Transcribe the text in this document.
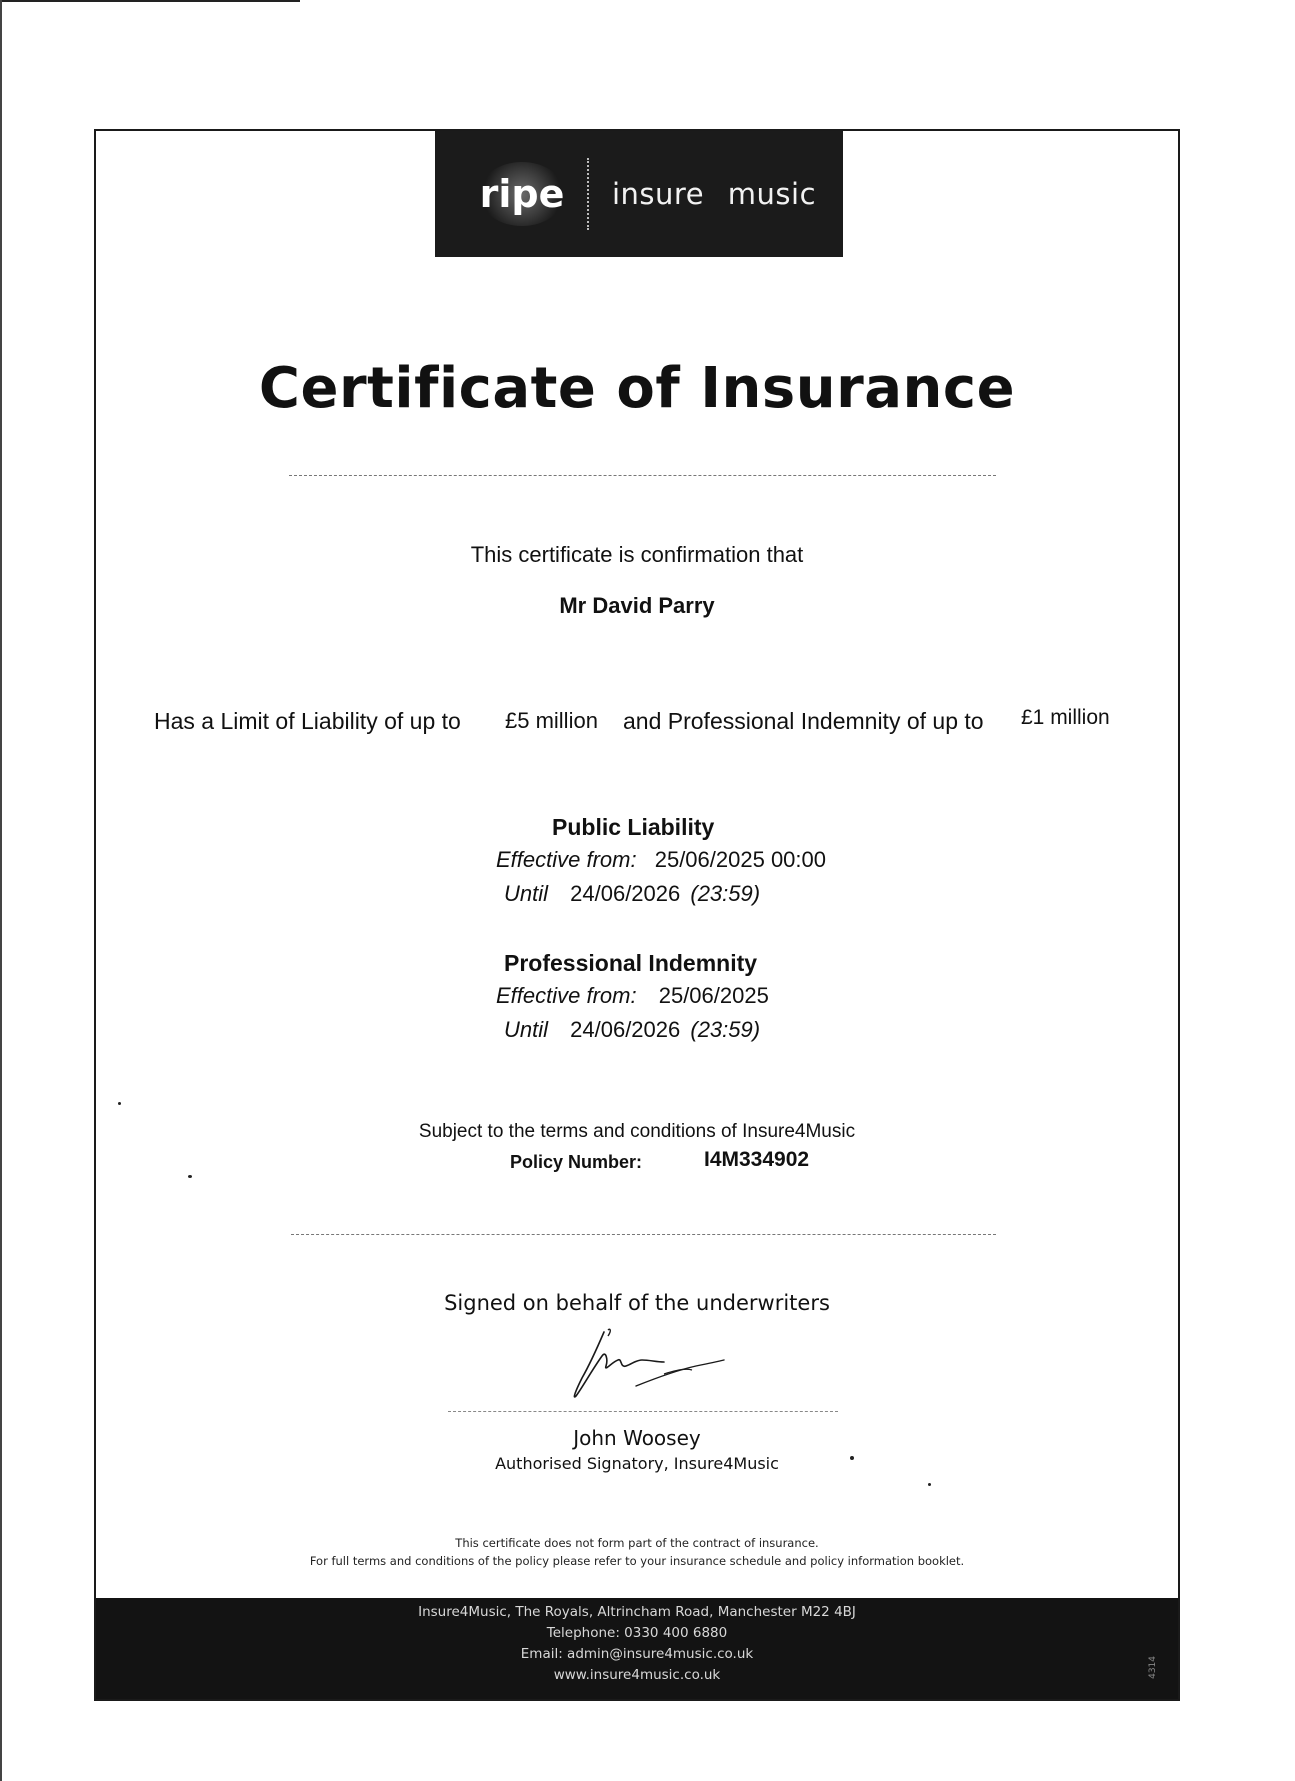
ripe insure music
Certificate of Insurance
This certificate is confirmation that
Mr David Parry
Has a Limit of Liability of up to £5 million and Professional Indemnity of up to £1 million
Public Liability
Effective from: 25/06/2025 00:00
Until 24/06/2026 (23:59)
Professional Indemnity
Effective from: 25/06/2025
Until 24/06/2026 (23:59)
Subject to the terms and conditions of Insure4Music
Policy Number:	I4M334902
Signed on behalf of the underwriters
John Woosey
Authorised Signatory, Insure4Music
This certificate does not form part of the contract of insurance.
For full terms and conditions of the policy please refer to your insurance schedule and policy information booklet.
Insure4Music, The Royals, Altrincham Road, Manchester M22 4BJ
Telephone: 0330 400 6880
Email: admin@insure4music.co.uk
www.insure4music.co.uk	4314
